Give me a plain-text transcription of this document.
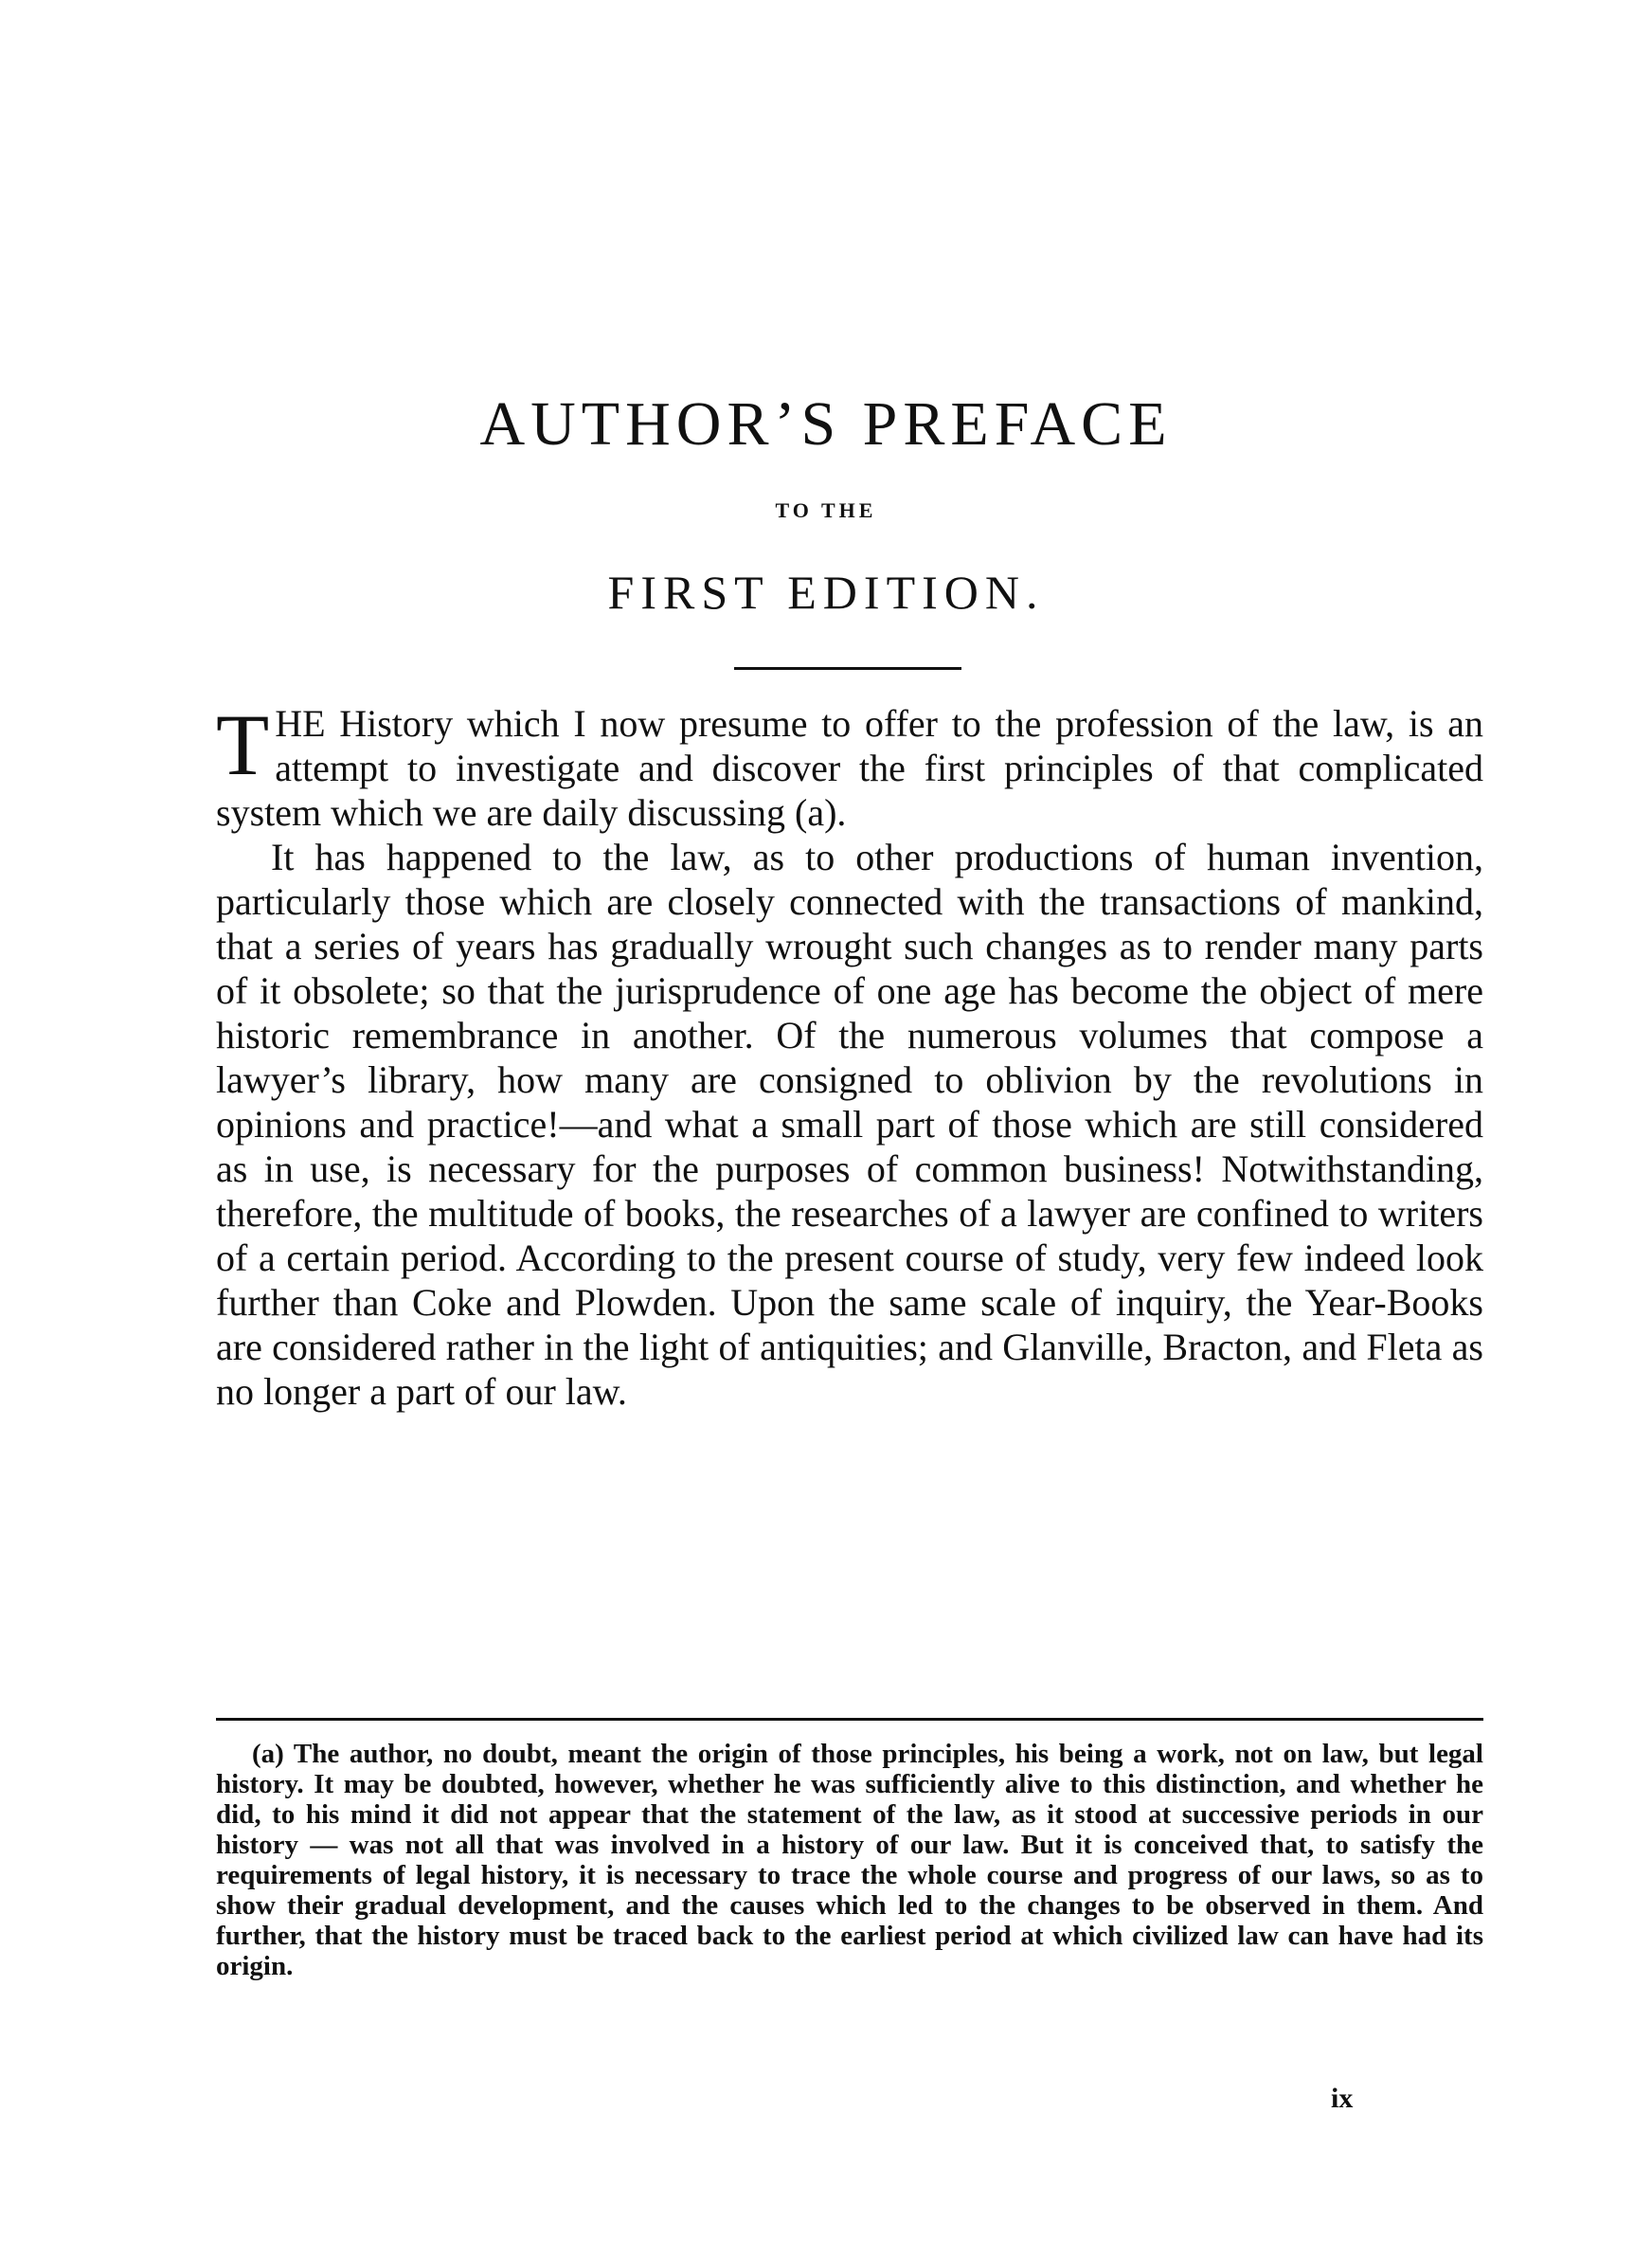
AUTHOR’S PREFACE
TO THE
FIRST EDITION.

THE History which I now presume to offer to the profession of the law, is an attempt to investigate and discover the first principles of that complicated system which we are daily discussing (a).

It has happened to the law, as to other productions of human invention, particularly those which are closely connected with the transactions of mankind, that a series of years has gradually wrought such changes as to render many parts of it obsolete; so that the jurisprudence of one age has become the object of mere historic remembrance in another. Of the numerous volumes that compose a lawyer’s library, how many are consigned to oblivion by the revolutions in opinions and practice!—and what a small part of those which are still considered as in use, is necessary for the purposes of common business! Notwithstanding, therefore, the multitude of books, the researches of a lawyer are confined to writers of a certain period. According to the present course of study, very few indeed look further than Coke and Plowden. Upon the same scale of inquiry, the Year-Books are considered rather in the light of antiquities; and Glanville, Bracton, and Fleta as no longer a part of our law.

(a) The author, no doubt, meant the origin of those principles, his being a work, not on law, but legal history. It may be doubted, however, whether he was sufficiently alive to this distinction, and whether he did, to his mind it did not appear that the statement of the law, as it stood at successive periods in our history — was not all that was involved in a history of our law. But it is conceived that, to satisfy the requirements of legal history, it is necessary to trace the whole course and progress of our laws, so as to show their gradual development, and the causes which led to the changes to be observed in them. And further, that the history must be traced back to the earliest period at which civilized law can have had its origin.

ix
